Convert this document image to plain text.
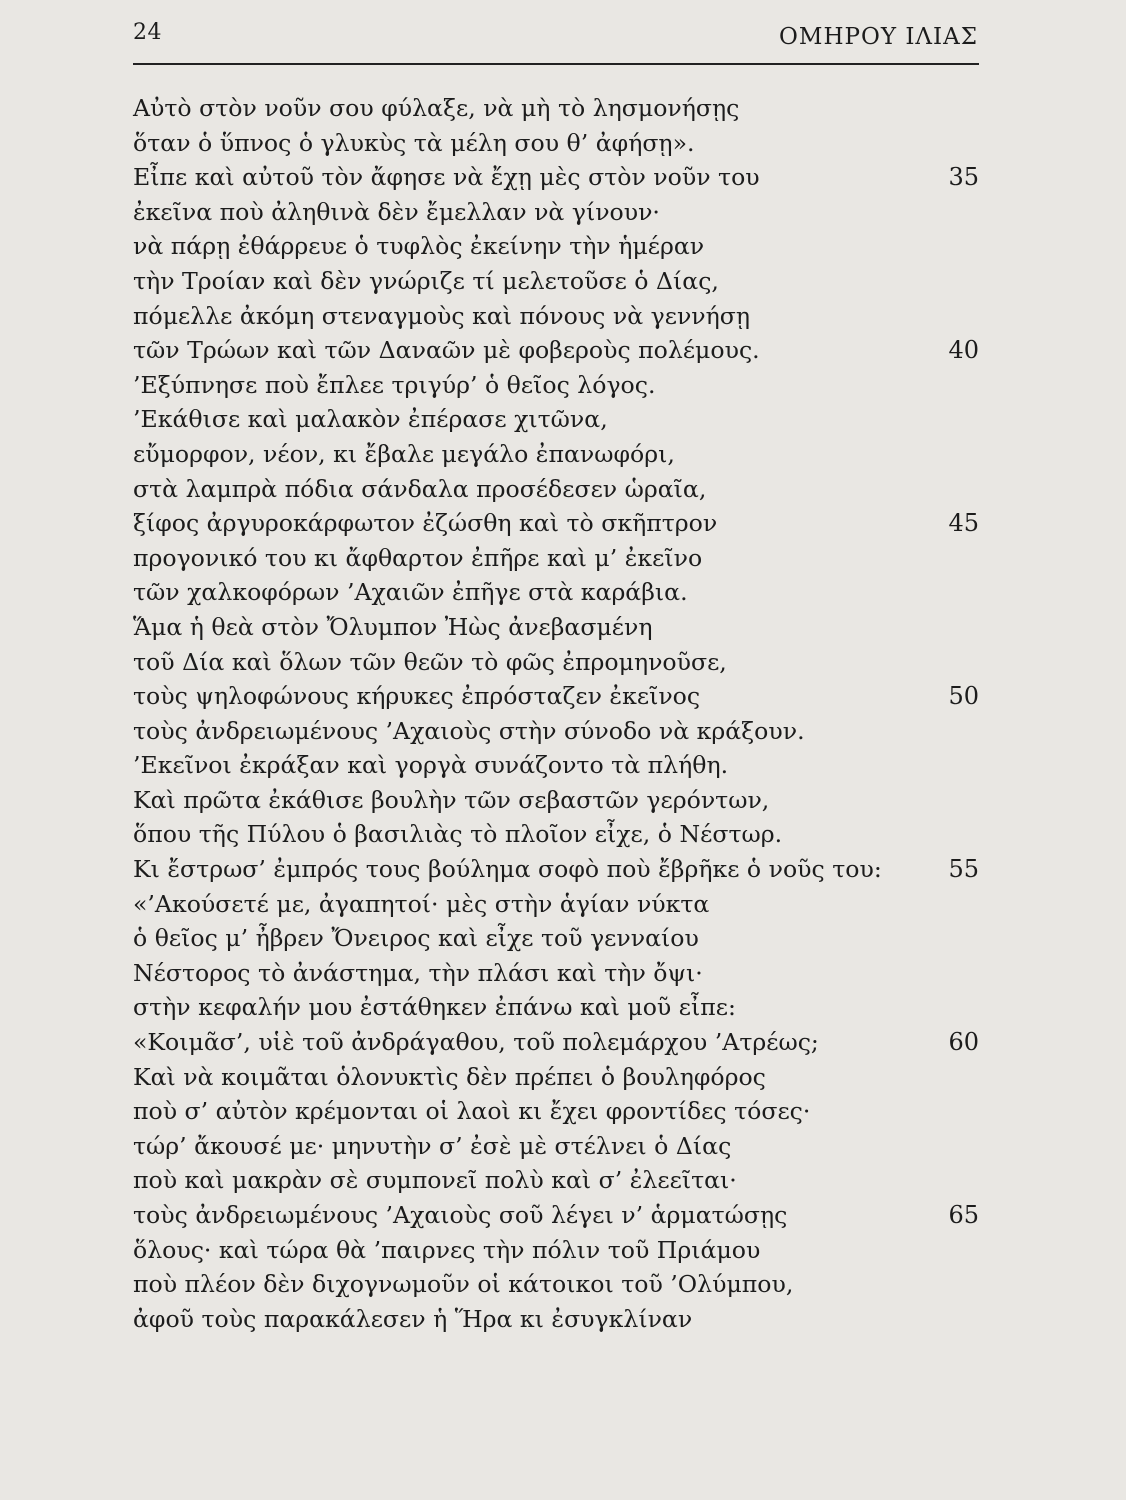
24	ΟΜΗΡΟΥ ΙΛΙΑΣ
Αὐτὸ στὸν νοῦν σου φύλαξε, νὰ μὴ τὸ λησμονήσῃς
ὅταν ὁ ὕπνος ὁ γλυκὺς τὰ μέλη σου θ’ ἀφήσῃ».
Εἶπε καὶ αὐτοῦ τὸν ἄφησε νὰ ἔχῃ μὲς στὸν νοῦν του	35
ἐκεῖνα ποὺ ἀληθινὰ δὲν ἔμελλαν νὰ γίνουν·
νὰ πάρῃ ἐθάρρευε ὁ τυφλὸς ἐκείνην τὴν ἡμέραν
τὴν Τροίαν καὶ δὲν γνώριζε τί μελετοῦσε ὁ Δίας,
πόμελλε ἀκόμη στεναγμοὺς καὶ πόνους νὰ γεννήσῃ
τῶν Τρώων καὶ τῶν Δαναῶν μὲ φοβεροὺς πολέμους.	40
’Εξύπνησε ποὺ ἔπλεε τριγύρ’ ὁ θεῖος λόγος.
’Εκάθισε καὶ μαλακὸν ἐπέρασε χιτῶνα,
εὔμορφον, νέον, κι ἔβαλε μεγάλο ἐπανωφόρι,
στὰ λαμπρὰ πόδια σάνδαλα προσέδεσεν ὡραῖα,
ξίφος ἀργυροκάρφωτον ἐζώσθη καὶ τὸ σκῆπτρον	45
προγονικό του κι ἄφθαρτον ἐπῆρε καὶ μ’ ἐκεῖνο
τῶν χαλκοφόρων ’Αχαιῶν ἐπῆγε στὰ καράβια.
Ἅμα ἡ θεὰ στὸν Ὄλυμπον Ἠὼς ἀνεβασμένη
τοῦ Δία καὶ ὅλων τῶν θεῶν τὸ φῶς ἐπρομηνοῦσε,
τοὺς ψηλοφώνους κήρυκες ἐπρόσταζεν ἐκεῖνος	50
τοὺς ἀνδρειωμένους ’Αχαιοὺς στὴν σύνοδο νὰ κράξουν.
’Εκεῖνοι ἐκράξαν καὶ γοργὰ συνάζοντο τὰ πλήθη.
Καὶ πρῶτα ἐκάθισε βουλὴν τῶν σεβαστῶν γερόντων,
ὅπου τῆς Πύλου ὁ βασιλιὰς τὸ πλοῖον εἶχε, ὁ Νέστωρ.
Κι ἔστρωσ’ ἐμπρός τους βούλημα σοφὸ ποὺ ἔβρῆκε ὁ νοῦς του:	55
«’Ακούσετέ με, ἀγαπητοί· μὲς στὴν ἁγίαν νύκτα
ὁ θεῖος μ’ ἦβρεν Ὄνειρος καὶ εἶχε τοῦ γενναίου
Νέστορος τὸ ἀνάστημα, τὴν πλάσι καὶ τὴν ὄψι·
στὴν κεφαλήν μου ἐστάθηκεν ἐπάνω καὶ μοῦ εἶπε:
«Κοιμᾶσ’, υἱὲ τοῦ ἀνδράγαθου, τοῦ πολεμάρχου ’Ατρέως;	60
Καὶ νὰ κοιμᾶται ὁλονυκτὶς δὲν πρέπει ὁ βουληφόρος
ποὺ σ’ αὐτὸν κρέμονται οἱ λαοὶ κι ἔχει φροντίδες τόσες·
τώρ’ ἄκουσέ με· μηνυτὴν σ’ ἐσὲ μὲ στέλνει ὁ Δίας
ποὺ καὶ μακρὰν σὲ συμπονεῖ πολὺ καὶ σ’ ἐλεεῖται·
τοὺς ἀνδρειωμένους ’Αχαιοὺς σοῦ λέγει ν’ ἁρματώσῃς	65
ὅλους· καὶ τώρα θὰ ’παιρνες τὴν πόλιν τοῦ Πριάμου
ποὺ πλέον δὲν διχογνωμοῦν οἱ κάτοικοι τοῦ ’Ολύμπου,
ἀφοῦ τοὺς παρακάλεσεν ἡ Ἥρα κι ἐσυγκλίναν
